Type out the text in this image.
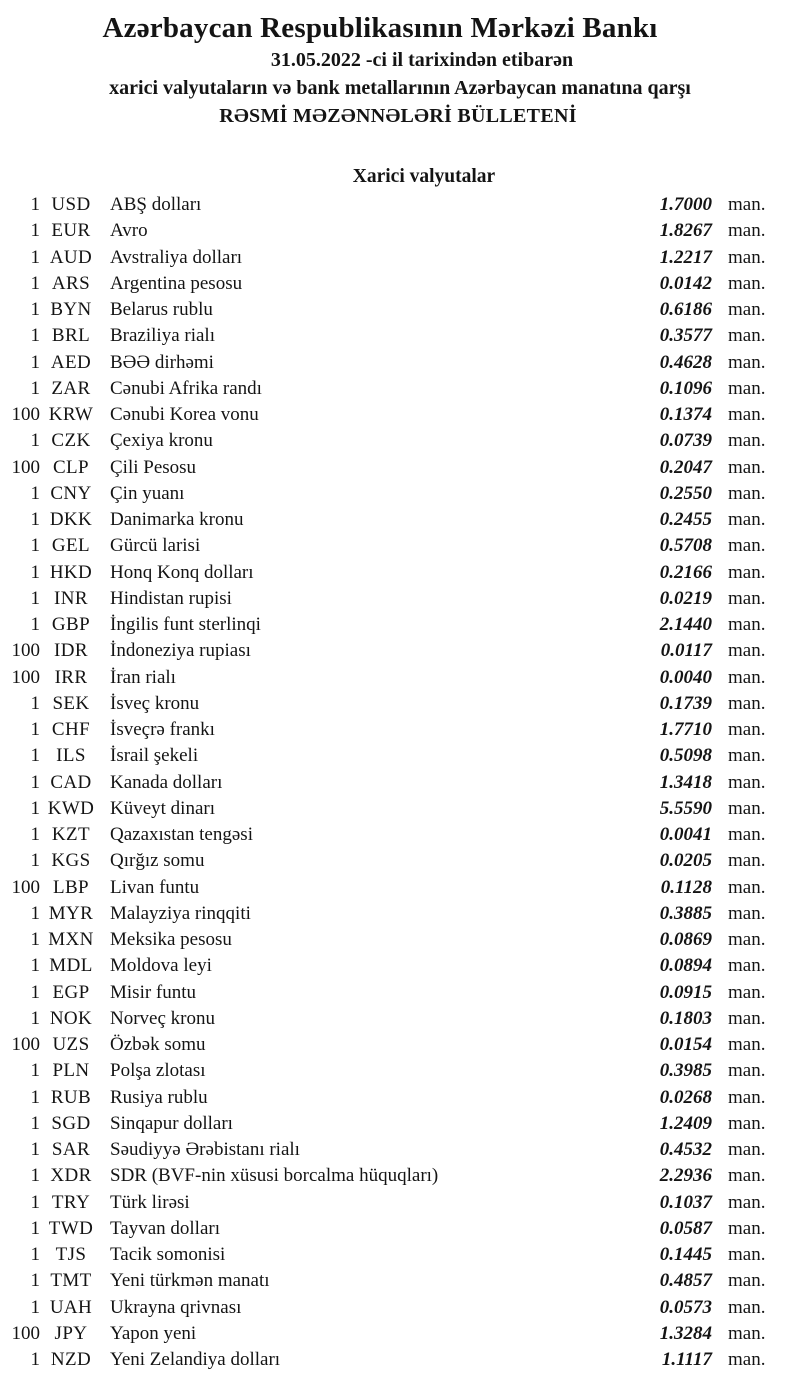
Azərbaycan Respublikasının Mərkəzi Bankı
31.05.2022 -ci il tarixindən etibarən
xarici valyutaların və bank metallarının Azərbaycan manatına qarşı
RƏSMİ MƏZƏNNƏLƏRİ BÜLLETENİ
Xarici valyutalar
1 USD	ABŞ dolları	1.7000 man.
1 EUR	Avro	1.8267 man.
1 AUD Avstraliya dolları	1.2217 man.
1 ARS	Argentina pesosu	0.0142 man.
1 BYN Belarus rublu	0.6186 man.
1 BRL	Braziliya rialı	0.3577 man.
1 AED BƏƏ dirhəmi	0.4628 man.
1 ZAR	Cənubi Afrika randı	0.1096 man.
100 KRW Cənubi Korea vonu	0.1374 man.
1 CZK	Çexiya kronu	0.0739 man.
100 CLP	Çili Pesosu	0.2047 man.
1 CNY Çin yuanı	0.2550 man.
1 DKK Danimarka kronu	0.2455 man.
1 GEL	Gürcü larisi	0.5708 man.
1 HKD Honq Konq dolları	0.2166 man.
1 INR	Hindistan rupisi	0.0219 man.
1 GBP	İngilis funt sterlinqi	2.1440 man.
100 IDR	İndoneziya rupiası	0.0117 man.
100 IRR	İran rialı	0.0040 man.
1 SEK	İsveç kronu	0.1739 man.
1 CHF	İsveçrə frankı	1.7710 man.
1 ILS	İsrail şekeli	0.5098 man.
1 CAD Kanada dolları	1.3418 man.
1 KWD Küveyt dinarı	5.5590 man.
1 KZT	Qazaxıstan tengəsi	0.0041 man.
1 KGS	Qırğız somu	0.0205 man.
100 LBP	Livan funtu	0.1128 man.
1 MYR Malayziya rinqqiti	0.3885 man.
1 MXN Meksika pesosu	0.0869 man.
1 MDL Moldova leyi	0.0894 man.
1 EGP	Misir funtu	0.0915 man.
1 NOK Norveç kronu	0.1803 man.
100 UZS	Özbək somu	0.0154 man.
1 PLN	Polşa zlotası	0.3985 man.
1 RUB Rusiya rublu	0.0268 man.
1 SGD	Sinqapur dolları	1.2409 man.
1 SAR	Səudiyyə Ərəbistanı rialı	0.4532 man.
1 XDR SDR (BVF-nin xüsusi borcalma hüquqları)	2.2936 man.
1 TRY	Türk lirəsi	0.1037 man.
1 TWD Tayvan dolları	0.0587 man.
1 TJS	Tacik somonisi	0.1445 man.
1 TMT Yeni türkmən manatı	0.4857 man.
1 UAH Ukrayna qrivnası	0.0573 man.
100 JPY	Yapon yeni	1.3284 man.
1 NZD Yeni Zelandiya dolları	1.1117 man.
